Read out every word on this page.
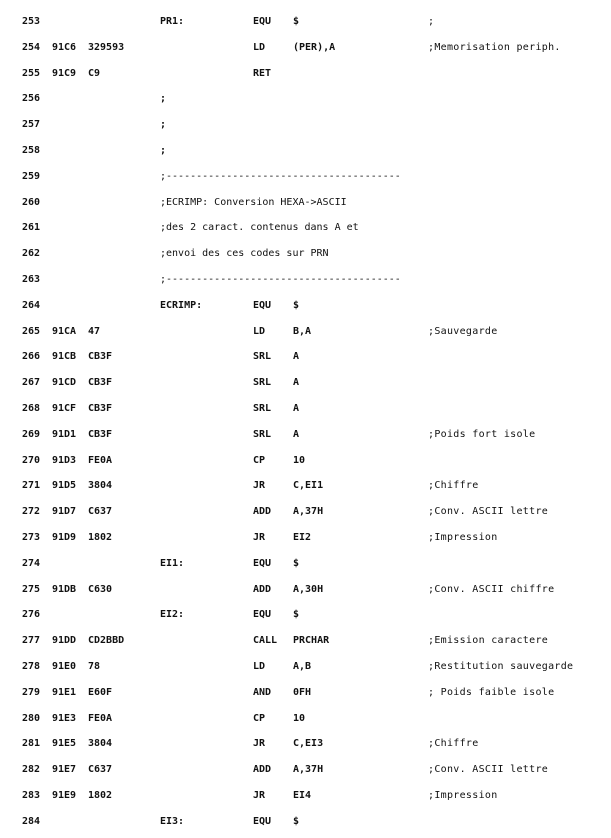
253	PR1:	EQU $	;
254 91C6 329593	LD	(PER),A	;Memorisation periph.
255 91C9 C9	RET
256	;
257	;
258	;
259	;---------------------------------------
260	;ECRIMP: Conversion HEXA->ASCII
261	;des 2 caract. contenus dans A et
262	;envoi des ces codes sur PRN
263	;---------------------------------------
264	ECRIMP:	EQU $
265 91CA 47	LD	B,A	;Sauvegarde
266 91CB CB3F	SRL A
267 91CD CB3F	SRL A
268 91CF CB3F	SRL A
269 91D1 CB3F	SRL A	;Poids fort isole
270 91D3 FE0A	CP	10
271 91D5 3804	JR	C,EI1	;Chiffre
272 91D7 C637	ADD A,37H	;Conv. ASCII lettre
273 91D9 1802	JR	EI2	;Impression
274	EI1:	EQU $
275 91DB C630	ADD A,30H	;Conv. ASCII chiffre
276	EI2:	EQU $
277 91DD CD2BBD	CALL PRCHAR	;Emission caractere
278 91E0 78	LD	A,B	;Restitution sauvegarde
279 91E1 E60F	AND 0FH	; Poids faible isole
280 91E3 FE0A	CP	10
281 91E5 3804	JR	C,EI3	;Chiffre
282 91E7 C637	ADD A,37H	;Conv. ASCII lettre
283 91E9 1802	JR	EI4	;Impression
284	EI3:	EQU $
